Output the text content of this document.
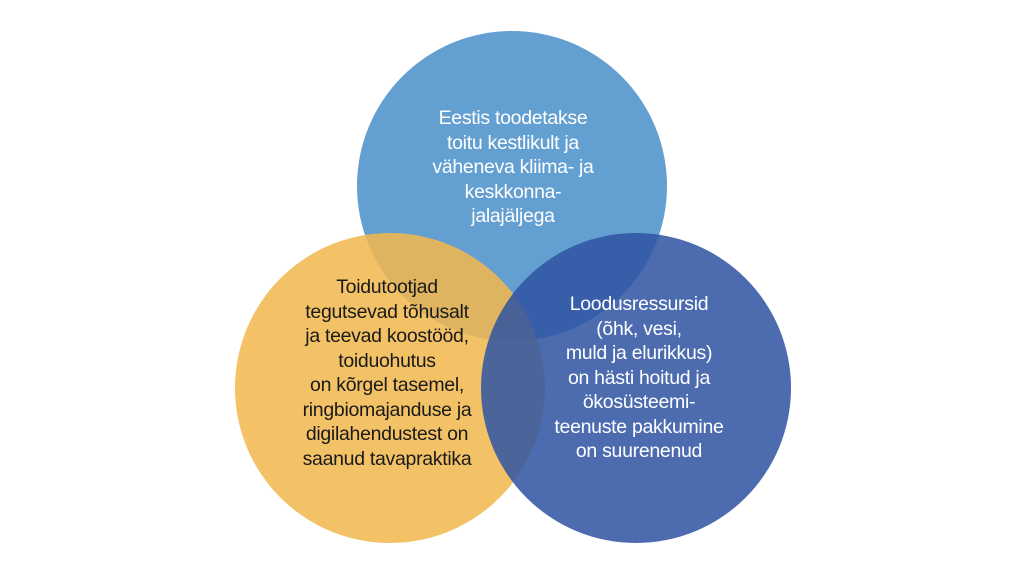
Eestis toodetakse
toitu kestlikult ja
väheneva kliima- ja
keskkonna-
jalajäljega
Toidutootjad
tegutsevad tõhusalt
ja teevad koostööd,
toiduohutus
on kõrgel tasemel,
ringbiomajanduse ja
digilahendustest on
saanud tavapraktika
Loodusressursid
(õhk, vesi,
muld ja elurikkus)
on hästi hoitud ja
ökosüsteemi-
teenuste pakkumine
on suurenenud
